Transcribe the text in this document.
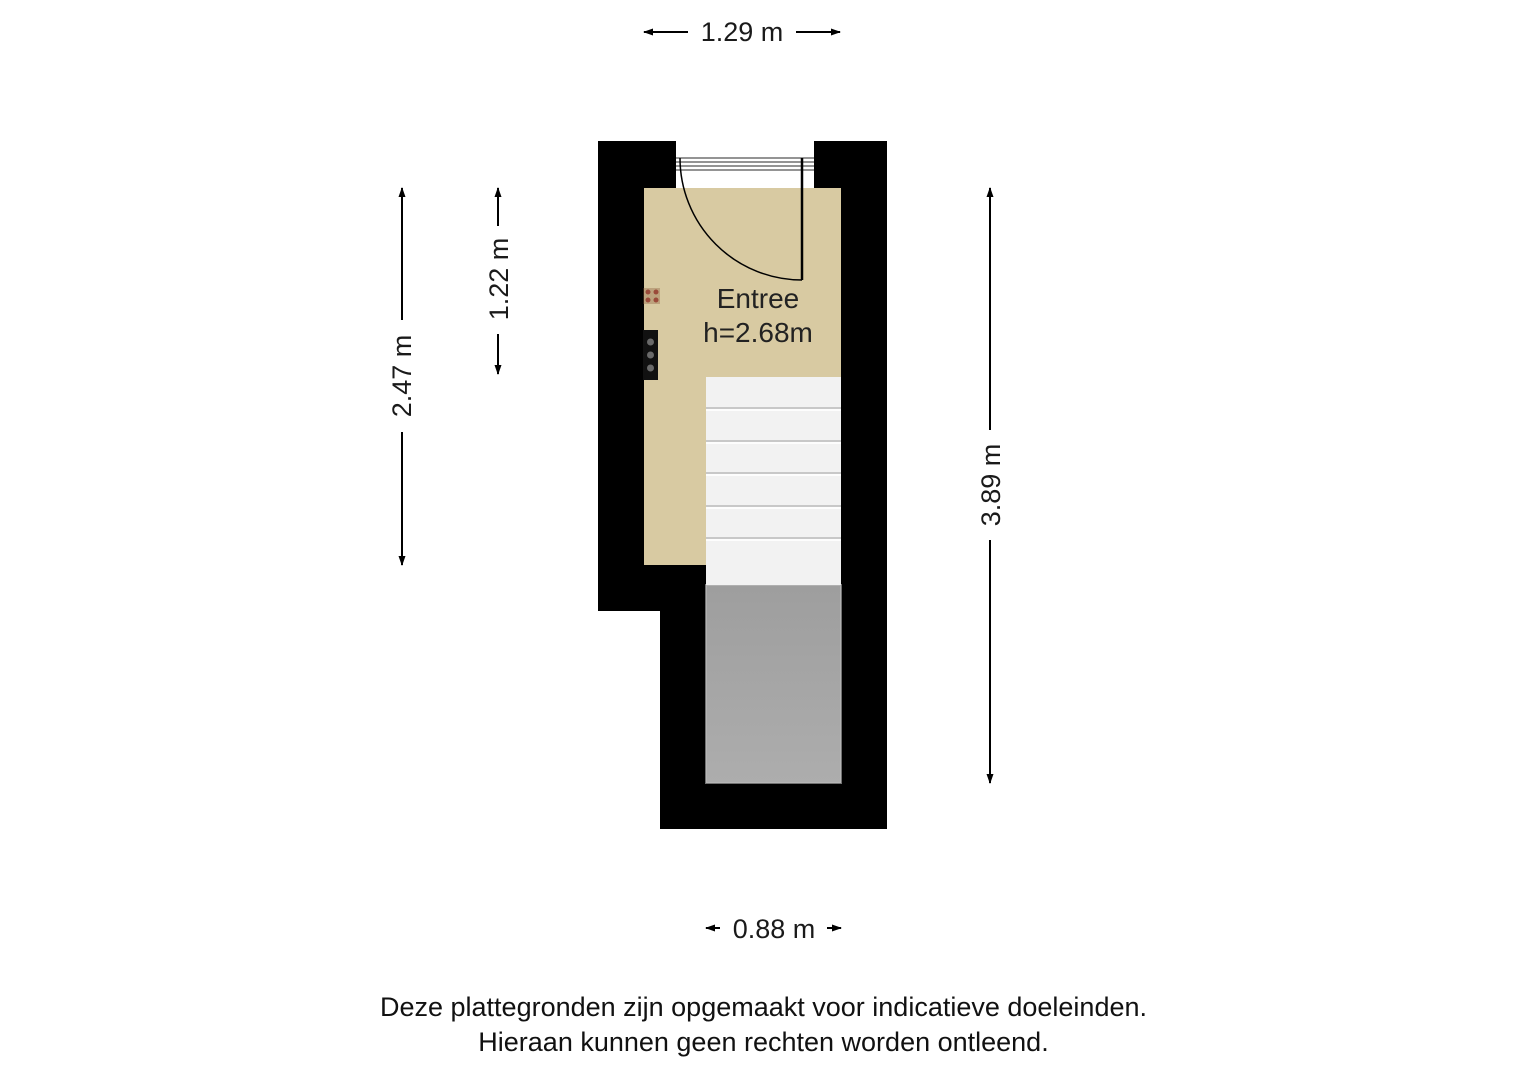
Entree
h=2.68m
1.29 m
0.88 m
2.47 m
1.22 m
3.89 m
Deze plattegronden zijn opgemaakt voor indicatieve doeleinden.
Hieraan kunnen geen rechten worden ontleend.
